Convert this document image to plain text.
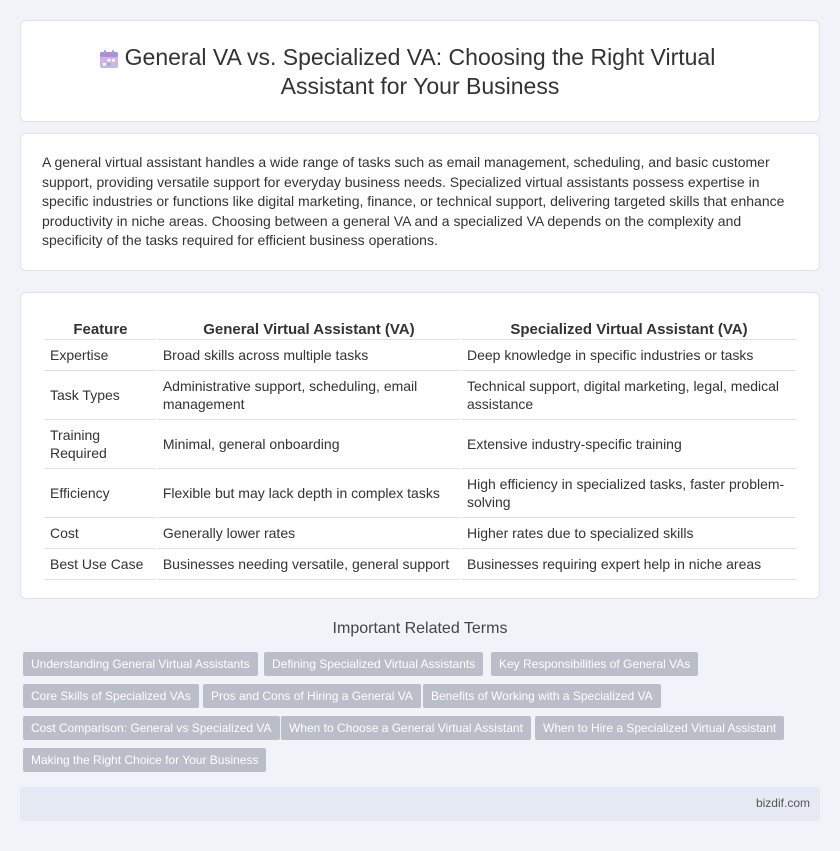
General VA vs. Specialized VA: Choosing the Right Virtual Assistant for Your Business

A general virtual assistant handles a wide range of tasks such as email management, scheduling, and basic customer support, providing versatile support for everyday business needs. Specialized virtual assistants possess expertise in specific industries or functions like digital marketing, finance, or technical support, delivering targeted skills that enhance productivity in niche areas. Choosing between a general VA and a specialized VA depends on the complexity and specificity of the tasks required for efficient business operations.

Feature	General Virtual Assistant (VA)	Specialized Virtual Assistant (VA)
Expertise	Broad skills across multiple tasks	Deep knowledge in specific industries or tasks
Task Types	Administrative support, scheduling, email management	Technical support, digital marketing, legal, medical assistance
Training Required	Minimal, general onboarding	Extensive industry-specific training
Efficiency	Flexible but may lack depth in complex tasks	High efficiency in specialized tasks, faster problem-solving
Cost	Generally lower rates	Higher rates due to specialized skills
Best Use Case	Businesses needing versatile, general support	Businesses requiring expert help in niche areas
Important Related Terms
Understanding General Virtual Assistants	Defining Specialized Virtual Assistants	Key Responsibilities of General VAs
Core Skills of Specialized VAs	Pros and Cons of Hiring a General VA	Benefits of Working with a Specialized VA
Cost Comparison: General vs Specialized VA	When to Choose a General Virtual Assistant	When to Hire a Specialized Virtual Assistant
Making the Right Choice for Your Business
bizdif.com
